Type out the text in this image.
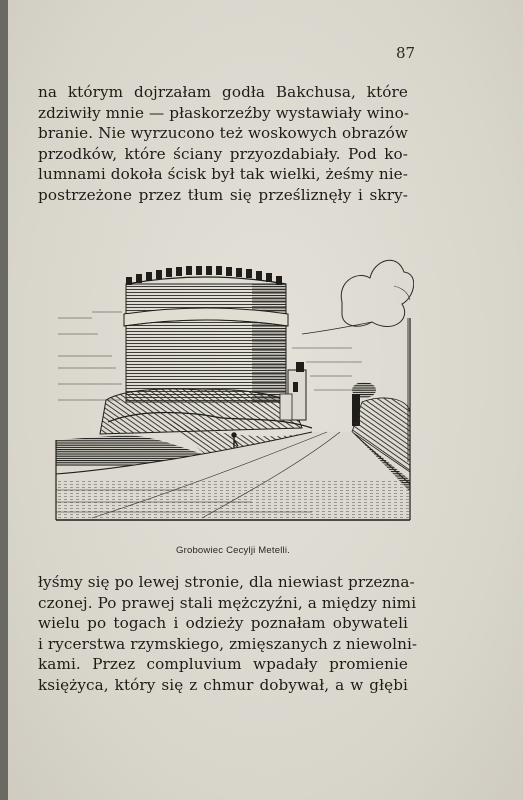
87
na którym dojrzałam godła Bakchusa, które
zdziwiły mnie — płaskorzeźby wystawiały wino-
branie. Nie wyrzucono też woskowych obrazów
przodków, które ściany przyozdabiały. Pod ko-
lumnami dokoła ścisk był tak wielki, żeśmy nie-
postrzeżone przez tłum się prześliznęły i skry-
Grobowiec Cecylji Metelli.
łyśmy się po lewej stronie, dla niewiast przezna-
czonej. Po prawej stali mężczyźni, a między nimi
wielu po togach i odzieży poznałam obywateli
i rycerstwa rzymskiego, zmięszanych z niewolni-
kami. Przez compluvium wpadały promienie
księżyca, który się z chmur dobywał, a w głębi
